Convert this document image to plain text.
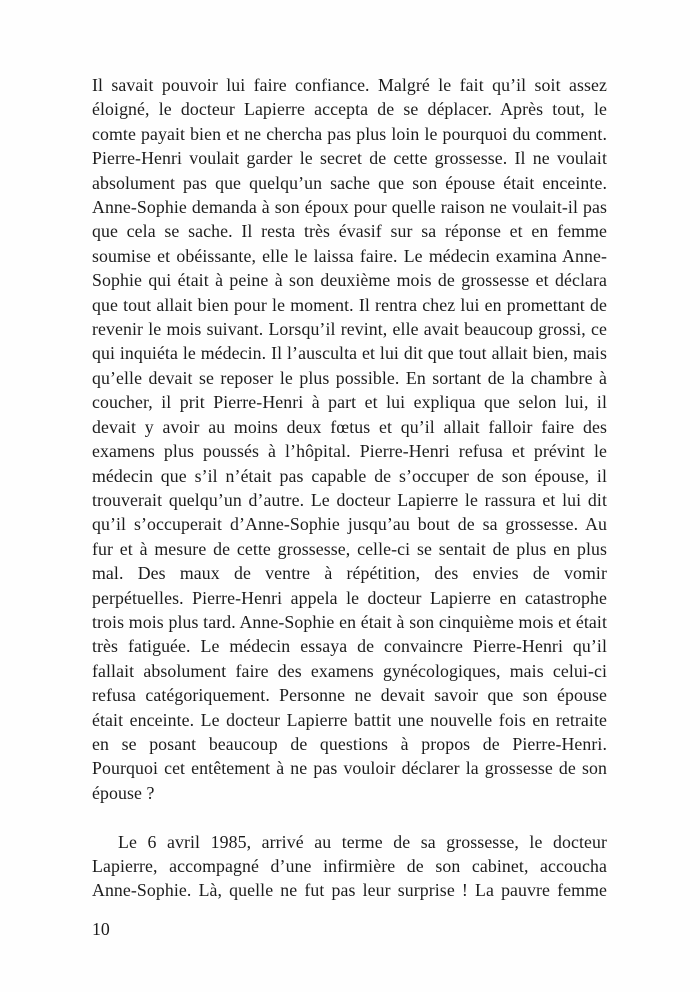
Il savait pouvoir lui faire confiance. Malgré le fait qu’il soit assez
éloigné, le docteur Lapierre accepta de se déplacer. Après tout, le
comte payait bien et ne chercha pas plus loin le pourquoi du comment.
Pierre-Henri voulait garder le secret de cette grossesse. Il ne voulait
absolument pas que quelqu’un sache que son épouse était enceinte.
Anne-Sophie demanda à son époux pour quelle raison ne voulait-il pas
que cela se sache. Il resta très évasif sur sa réponse et en femme
soumise et obéissante, elle le laissa faire. Le médecin examina Anne-
Sophie qui était à peine à son deuxième mois de grossesse et déclara
que tout allait bien pour le moment. Il rentra chez lui en promettant de
revenir le mois suivant. Lorsqu’il revint, elle avait beaucoup grossi, ce
qui inquiéta le médecin. Il l’ausculta et lui dit que tout allait bien, mais
qu’elle devait se reposer le plus possible. En sortant de la chambre à
coucher, il prit Pierre-Henri à part et lui expliqua que selon lui, il
devait y avoir au moins deux fœtus et qu’il allait falloir faire des
examens plus poussés à l’hôpital. Pierre-Henri refusa et prévint le
médecin que s’il n’était pas capable de s’occuper de son épouse, il
trouverait quelqu’un d’autre. Le docteur Lapierre le rassura et lui dit
qu’il s’occuperait d’Anne-Sophie jusqu’au bout de sa grossesse. Au
fur et à mesure de cette grossesse, celle-ci se sentait de plus en plus
mal. Des maux de ventre à répétition, des envies de vomir
perpétuelles. Pierre-Henri appela le docteur Lapierre en catastrophe
trois mois plus tard. Anne-Sophie en était à son cinquième mois et était
très fatiguée. Le médecin essaya de convaincre Pierre-Henri qu’il
fallait absolument faire des examens gynécologiques, mais celui-ci
refusa catégoriquement. Personne ne devait savoir que son épouse
était enceinte. Le docteur Lapierre battit une nouvelle fois en retraite
en se posant beaucoup de questions à propos de Pierre-Henri.
Pourquoi cet entêtement à ne pas vouloir déclarer la grossesse de son
épouse ?
Le 6 avril 1985, arrivé au terme de sa grossesse, le docteur
Lapierre, accompagné d’une infirmière de son cabinet, accoucha
Anne-Sophie. Là, quelle ne fut pas leur surprise ! La pauvre femme
10
